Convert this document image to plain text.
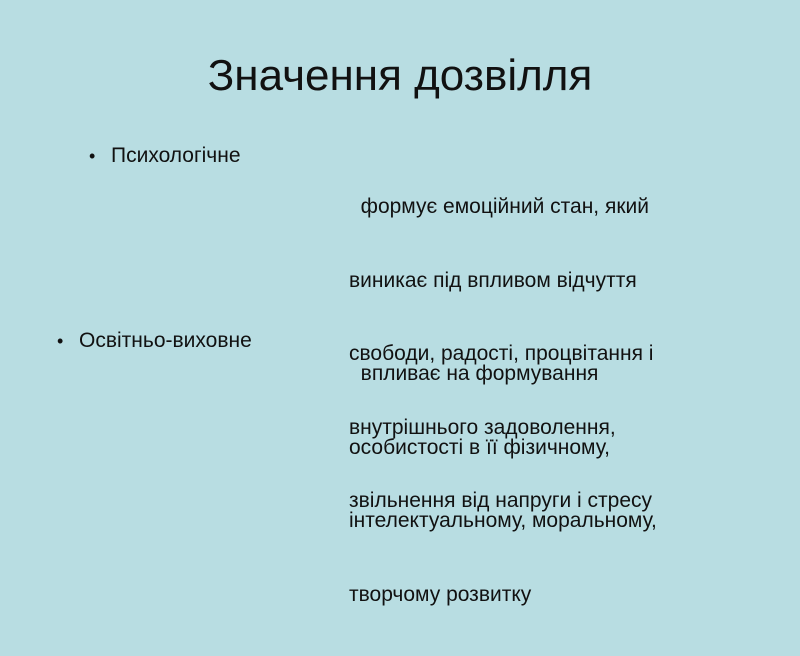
Значення дозвілля
• Психологічне

формує емоційний стан, який

виникає під впливом відчуття

свободи, радості, процвітання і

внутрішнього задоволення,

звільнення від напруги і стресу

• Освітньо-виховне

впливає на формування

особистості в її фізичному,

інтелектуальному, моральному,

творчому розвитку
